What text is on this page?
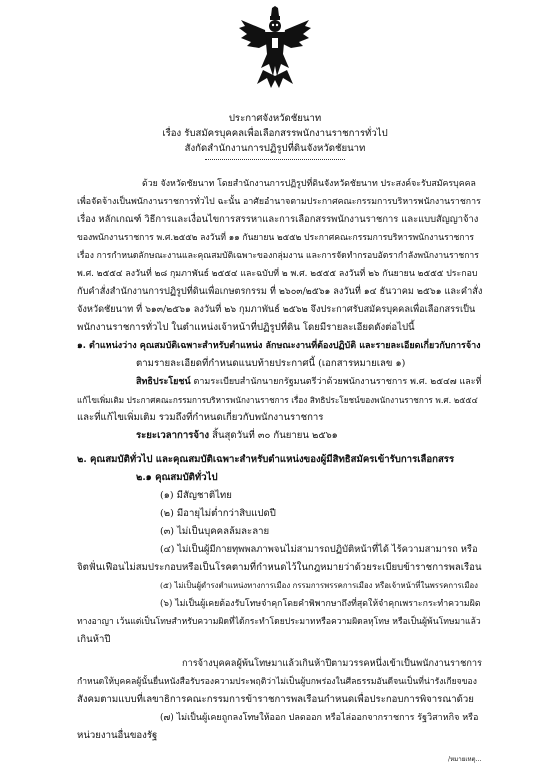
ประกาศจังหวัดชัยนาท
เรื่อง รับสมัครบุคคลเพื่อเลือกสรรพนักงานราชการทั่วไป
สังกัดสำนักงานการปฏิรูปที่ดินจังหวัดชัยนาท
ด้วย จังหวัดชัยนาท โดยสำนักงานการปฏิรูปที่ดินจังหวัดชัยนาท ประสงค์จะรับสมัครบุคคล
เพื่อจัดจ้างเป็นพนักงานราชการทั่วไป ฉะนั้น อาศัยอำนาจตามประกาศคณะกรรมการบริหารพนักงานราชการ
เรื่อง หลักเกณฑ์ วิธีการและเงื่อนไขการสรรหาและการเลือกสรรพนักงานราชการ และแบบสัญญาจ้าง
ของพนักงานราชการ พ.ศ.๒๕๕๒ ลงวันที่ ๑๑ กันยายน ๒๕๕๒ ประกาศคณะกรรมการบริหารพนักงานราชการ
เรื่อง การกำหนดลักษณะงานและคุณสมบัติเฉพาะของกลุ่มงาน และการจัดทำกรอบอัตรากำลังพนักงานราชการ
พ.ศ. ๒๕๕๔ ลงวันที่ ๒๘ กุมภาพันธ์ ๒๕๕๔ และฉบับที่ ๒ พ.ศ. ๒๕๕๕ ลงวันที่ ๒๖ กันยายน ๒๕๕๕ ประกอบ
กับคำสั่งสำนักงานการปฏิรูปที่ดินเพื่อเกษตรกรรม ที่ ๒๖๐๓/๒๕๖๑ ลงวันที่ ๑๔ ธันวาคม ๒๕๖๑ และคำสั่ง
จังหวัดชัยนาท ที่ ๖๑๓/๒๕๖๑ ลงวันที่ ๒๖ กุมภาพันธ์ ๒๕๖๒ จึงประกาศรับสมัครบุคคลเพื่อเลือกสรรเป็น
พนักงานราชการทั่วไป ในตำแหน่งเจ้าหน้าที่ปฏิรูปที่ดิน โดยมีรายละเอียดดังต่อไปนี้
๑. ตำแหน่งว่าง คุณสมบัติเฉพาะสำหรับตำแหน่ง ลักษณะงานที่ต้องปฏิบัติ และรายละเอียดเกี่ยวกับการจ้าง
ตามรายละเอียดที่กำหนดแนบท้ายประกาศนี้ (เอกสารหมายเลข ๑)
สิทธิประโยชน์ ตามระเบียบสำนักนายกรัฐมนตรีว่าด้วยพนักงานราชการ พ.ศ. ๒๕๔๗ และที่
แก้ไขเพิ่มเติม ประกาศคณะกรรมการบริหารพนักงานราชการ เรื่อง สิทธิประโยชน์ของพนักงานราชการ พ.ศ. ๒๕๕๔
และที่แก้ไขเพิ่มเติม รวมถึงที่กำหนดเกี่ยวกับพนักงานราชการ
ระยะเวลาการจ้าง สิ้นสุดวันที่ ๓๐ กันยายน ๒๕๖๑
๒. คุณสมบัติทั่วไป และคุณสมบัติเฉพาะสำหรับตำแหน่งของผู้มีสิทธิสมัครเข้ารับการเลือกสรร
๒.๑ คุณสมบัติทั่วไป
(๑) มีสัญชาติไทย
(๒) มีอายุไม่ต่ำกว่าสิบแปดปี
(๓) ไม่เป็นบุคคลล้มละลาย
(๔) ไม่เป็นผู้มีกายทุพพลภาพจนไม่สามารถปฏิบัติหน้าที่ได้ ไร้ความสามารถ หรือ
จิตฟั่นเฟือนไม่สมประกอบหรือเป็นโรคตามที่กำหนดไว้ในกฎหมายว่าด้วยระเบียบข้าราชการพลเรือน
(๕) ไม่เป็นผู้ดำรงตำแหน่งทางการเมือง กรรมการพรรคการเมือง หรือเจ้าหน้าที่ในพรรคการเมือง
(๖) ไม่เป็นผู้เคยต้องรับโทษจำคุกโดยคำพิพากษาถึงที่สุดให้จำคุกเพราะกระทำความผิด
ทางอาญา เว้นแต่เป็นโทษสำหรับความผิดที่ได้กระทำโดยประมาทหรือความผิดลหุโทษ หรือเป็นผู้พ้นโทษมาแล้ว
เกินห้าปี
การจ้างบุคคลผู้พ้นโทษมาแล้วเกินห้าปีตามวรรคหนึ่งเข้าเป็นพนักงานราชการ
กำหนดให้บุคคลผู้นั้นยื่นหนังสือรับรองความประพฤติว่าไม่เป็นผู้บกพร่องในศีลธรรมอันดีจนเป็นที่น่ารังเกียจของ
สังคมตามแบบที่เลขาธิการคณะกรรมการข้าราชการพลเรือนกำหนดเพื่อประกอบการพิจารณาด้วย
(๗) ไม่เป็นผู้เคยถูกลงโทษให้ออก ปลดออก หรือไล่ออกจากราชการ รัฐวิสาหกิจ หรือ
หน่วยงานอื่นของรัฐ
/หมายเหตุ...
